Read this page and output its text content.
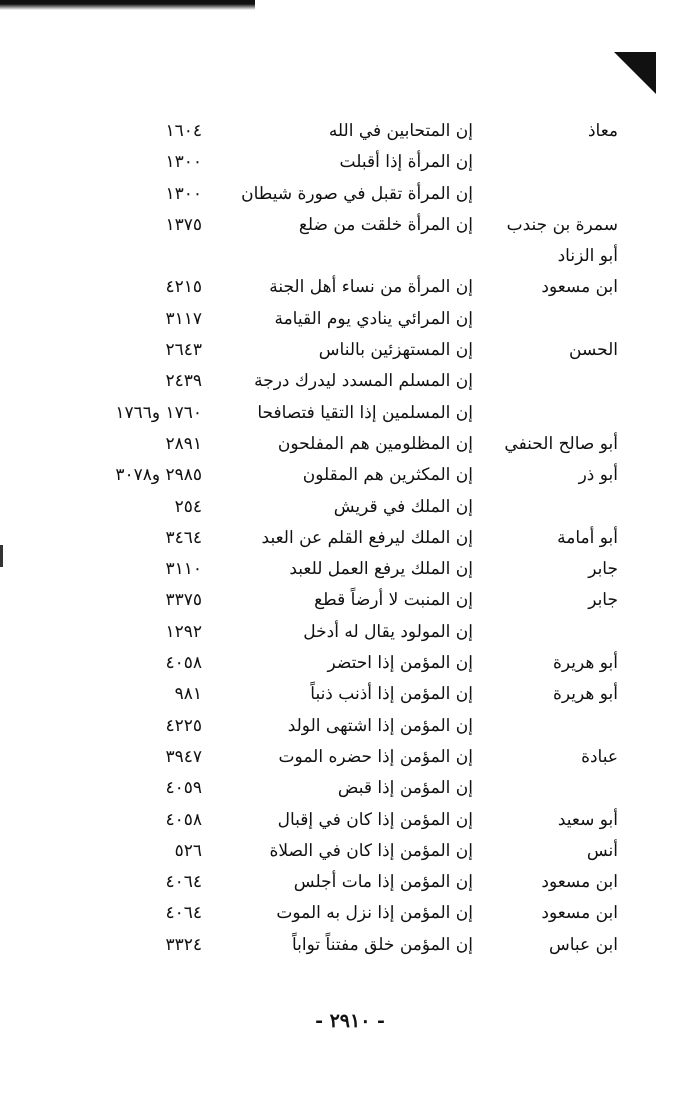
معاذ
إن المتحابين في الله
١٦٠٤
إن المرأة إذا أقبلت
١٣٠٠
إن المرأة تقبل في صورة شيطان
١٣٠٠
سمرة بن جندب
إن المرأة خلقت من ضلع
١٣٧٥
أبو الزناد
ابن مسعود
إن المرأة من نساء أهل الجنة
٤٢١٥
إن المرائي ينادي يوم القيامة
٣١١٧
الحسن
إن المستهزئين بالناس
٢٦٤٣
إن المسلم المسدد ليدرك درجة
٢٤٣٩
إن المسلمين إذا التقيا فتصافحا
١٧٦٠ و١٧٦٦
أبو صالح الحنفي
إن المظلومين هم المفلحون
٢٨٩١
أبو ذر
إن المكثرين هم المقلون
٢٩٨٥ و٣٠٧٨
إن الملك في قريش
٢٥٤
أبو أمامة
إن الملك ليرفع القلم عن العبد
٣٤٦٤
جابر
إن الملك يرفع العمل للعبد
٣١١٠
جابر
إن المنبت لا أرضاً قطع
٣٣٧٥
إن المولود يقال له أدخل
١٢٩٢
أبو هريرة
إن المؤمن إذا احتضر
٤٠٥٨
أبو هريرة
إن المؤمن إذا أذنب ذنباً
٩٨١
إن المؤمن إذا اشتهى الولد
٤٢٢٥
عبادة
إن المؤمن إذا حضره الموت
٣٩٤٧
إن المؤمن إذا قبض
٤٠٥٩
أبو سعيد
إن المؤمن إذا كان في إقبال
٤٠٥٨
أنس
إن المؤمن إذا كان في الصلاة
٥٢٦
ابن مسعود
إن المؤمن إذا مات أجلس
٤٠٦٤
ابن مسعود
إن المؤمن إذا نزل به الموت
٤٠٦٤
ابن عباس
إن المؤمن خلق مفتناً تواباً
٣٣٢٤
- ٢٩١٠ -
